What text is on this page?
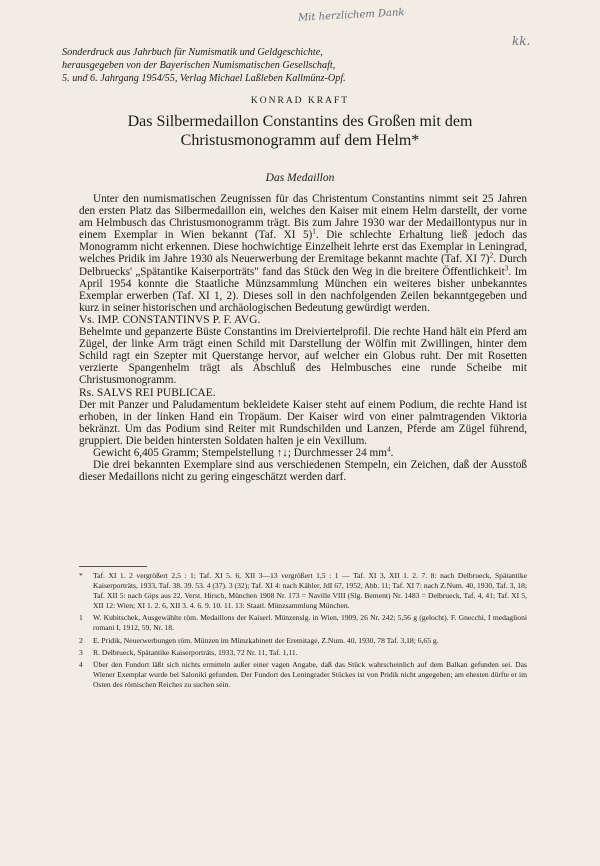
Mit herzlichem Dank
kk.
Sonderdruck aus Jahrbuch für Numismatik und Geldgeschichte,
herausgegeben von der Bayerischen Numismatischen Gesellschaft,
5. und 6. Jahrgang 1954/55, Verlag Michael Laßleben Kallmünz-Opf.
KONRAD KRAFT
Das Silbermedaillon Constantins des Großen mit dem
Christusmonogramm auf dem Helm*
Das Medaillon

Unter den numismatischen Zeugnissen für das Christentum Constantins nimmt seit 25 Jahren den ersten Platz das Silbermedaillon ein, welches den Kaiser mit einem Helm darstellt, der vorne am Helmbusch das Christusmonogramm trägt. Bis zum Jahre 1930 war der Medaillontypus nur in einem Exemplar in Wien bekannt (Taf. XI 5)$^1$. Die schlechte Erhaltung ließ jedoch das Monogramm nicht erkennen. Diese hochwichtige Einzelheit lehrte erst das Exemplar in Leningrad, welches Pridik im Jahre 1930 als Neuerwerbung der Eremitage bekannt machte (Taf. XI 7)$^2$. Durch Delbruecks' „Spätantike Kaiserporträts" fand das Stück den Weg in die breitere Öffentlichkeit$^3$. Im April 1954 konnte die Staatliche Münzsammlung München ein weiteres bisher unbekanntes Exemplar erwerben (Taf. XI 1, 2). Dieses soll in den nachfolgenden Zeilen bekanntgegeben und kurz in seiner historischen und archäologischen Bedeutung gewürdigt werden.

Vs. IMP. CONSTANTINVS P. F. AVG.

Behelmte und gepanzerte Büste Constantins im Dreiviertelprofil. Die rechte Hand hält ein Pferd am Zügel, der linke Arm trägt einen Schild mit Darstellung der Wölfin mit Zwillingen, hinter dem Schild ragt ein Szepter mit Querstange hervor, auf welcher ein Globus ruht. Der mit Rosetten verzierte Spangenhelm trägt als Abschluß des Helmbusches eine runde Scheibe mit Christusmonogramm.

Rs. SALVS REI PUBLICAE.

Der mit Panzer und Paludamentum bekleidete Kaiser steht auf einem Podium, die rechte Hand ist erhoben, in der linken Hand ein Tropäum. Der Kaiser wird von einer palmtragenden Viktoria bekränzt. Um das Podium sind Reiter mit Rundschilden und Lanzen, Pferde am Zügel führend, gruppiert. Die beiden hintersten Soldaten halten je ein Vexillum.

Gewicht 6,405 Gramm; Stempelstellung ↑↓; Durchmesser 24 $mm^4$.

Die drei bekannten Exemplare sind aus verschiedenen Stempeln, ein Zeichen, daß der Ausstoß dieser Medaillons nicht zu gering eingeschätzt werden darf.

* Taf. XI 1. 2 vergrößert 2,5 : 1; Taf. XI 5. 6, XII 3—13 vergrößert 1,5 : 1 — Taf. XI 3, XII 1. 2. 7. 8: nach Delbrueck, Spätantike Kaiserporträts, 1933, Taf. 38. 39. 53. 4 (37). 3 (32); Taf. XI 4: nach Kähler, JdI 67, 1952, Abb. 11; Taf. XI 7: nach Z.Num. 40, 1930, Taf. 3, 18; Taf. XII 5: nach Gips aus 22. Verst. Hirsch, München 1908 Nr. 173 = Naville VIII (Slg. Bement) Nr. 1483 = Delbrueck, Taf. 4, 41; Taf. XI 5, XII 12: Wien; XI 1. 2. 6, XII 3. 4. 6. 9. 10. 11. 13: Staatl. Münzsammlung München.
1 W. Kubitschek, Ausgewählte röm. Medaillons der Kaiserl. Münzenslg. in Wien, 1909, 26 Nr. 242; 5,56 g (gelocht). F. Gnecchi, I medaglioni romani I, 1912, 59, Nr. 18.
2 E. Pridik, Neuerwerbungen röm. Münzen im Münzkabinett der Eremitage, Z.Num. 40, 1930, 78 Taf. 3,18; 6,65 g.
3 R. Delbrueck, Spätantike Kaiserporträts, 1933, 72 Nr. 11, Taf. 1,11.
4 Über den Fundort läßt sich nichts ermitteln außer einer vagen Angabe, daß das Stück wahrscheinlich auf dem Balkan gefunden sei. Das Wiener Exemplar wurde bei Salonikí gefunden. Der Fundort des Leningrader Stückes ist von Pridik nicht angegeben; am ehesten dürfte er im Osten des römischen Reiches zu suchen sein.
